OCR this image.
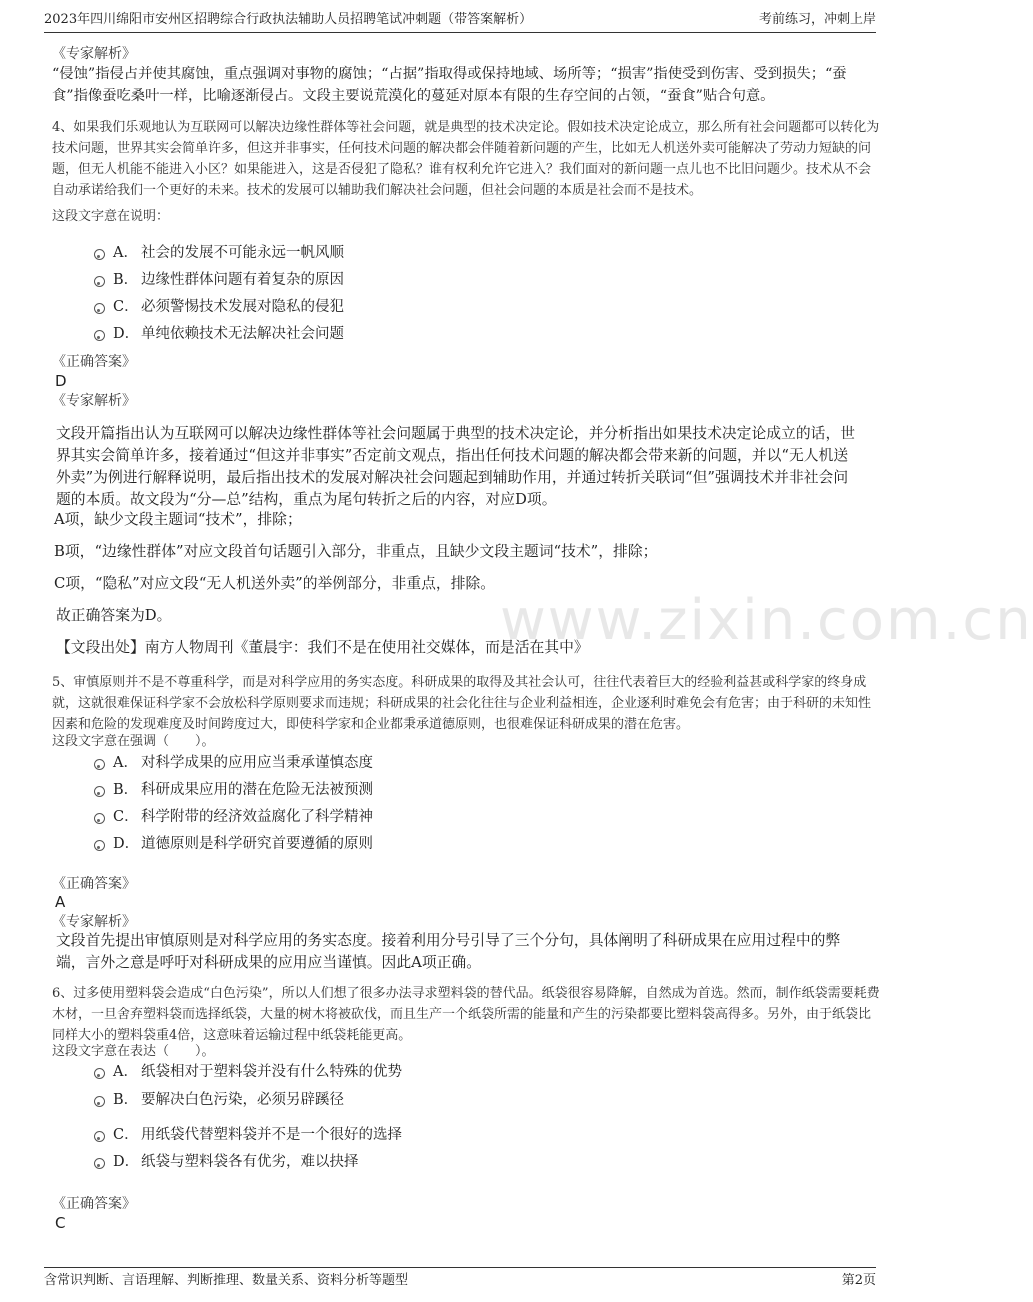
2023年四川绵阳市安州区招聘综合行政执法辅助人员招聘笔试冲刺题（带答案解析）	考前练习，冲刺上岸
www.zixin.com.cn
《专家解析》
“侵蚀”指侵占并使其腐蚀，重点强调对事物的腐蚀；“占据”指取得或保持地域、场所等；“损害”指使受到伤害、受到损失；“蚕食”指像蚕吃桑叶一样，比喻逐渐侵占。文段主要说荒漠化的蔓延对原本有限的生存空间的占领，“蚕食”贴合句意。
4、如果我们乐观地认为互联网可以解决边缘性群体等社会问题，就是典型的技术决定论。假如技术决定论成立，那么所有社会问题都可以转化为技术问题，世界其实会简单许多，但这并非事实，任何技术问题的解决都会伴随着新问题的产生，比如无人机送外卖可能解决了劳动力短缺的问题，但无人机能不能进入小区？如果能进入，这是否侵犯了隐私？谁有权利允许它进入？我们面对的新问题一点儿也不比旧问题少。技术从不会自动承诺给我们一个更好的未来。技术的发展可以辅助我们解决社会问题，但社会问题的本质是社会而不是技术。
这段文字意在说明：
A． 社会的发展不可能永远一帆风顺
B． 边缘性群体问题有着复杂的原因
C． 必须警惕技术发展对隐私的侵犯
D． 单纯依赖技术无法解决社会问题
《正确答案》
D
《专家解析》
文段开篇指出认为互联网可以解决边缘性群体等社会问题属于典型的技术决定论，并分析指出如果技术决定论成立的话，世界其实会简单许多，接着通过“但这并非事实”否定前文观点，指出任何技术问题的解决都会带来新的问题，并以“无人机送外卖”为例进行解释说明，最后指出技术的发展对解决社会问题起到辅助作用，并通过转折关联词“但”强调技术并非社会问题的本质。故文段为“分—总”结构，重点为尾句转折之后的内容，对应D项。
A项，缺少文段主题词“技术”，排除；
B项，“边缘性群体”对应文段首句话题引入部分，非重点，且缺少文段主题词“技术”，排除；
C项，“隐私”对应文段“无人机送外卖”的举例部分，非重点，排除。
故正确答案为D。
【文段出处】南方人物周刊《董晨宇：我们不是在使用社交媒体，而是活在其中》
5、审慎原则并不是不尊重科学，而是对科学应用的务实态度。科研成果的取得及其社会认可，往往代表着巨大的经验利益甚或科学家的终身成就，这就很难保证科学家不会放松科学原则要求而违规；科研成果的社会化往往与企业利益相连，企业逐利时难免会有危害；由于科研的未知性因素和危险的发现难度及时间跨度过大，即使科学家和企业都秉承道德原则，也很难保证科研成果的潜在危害。
这段文字意在强调（　　）。
A． 对科学成果的应用应当秉承谨慎态度
B． 科研成果应用的潜在危险无法被预测
C． 科学附带的经济效益腐化了科学精神
D． 道德原则是科学研究首要遵循的原则
《正确答案》
A
《专家解析》
文段首先提出审慎原则是对科学应用的务实态度。接着利用分号引导了三个分句，具体阐明了科研成果在应用过程中的弊端，言外之意是呼吁对科研成果的应用应当谨慎。因此A项正确。
6、过多使用塑料袋会造成“白色污染”，所以人们想了很多办法寻求塑料袋的替代品。纸袋很容易降解，自然成为首选。然而，制作纸袋需要耗费木材，一旦舍弃塑料袋而选择纸袋，大量的树木将被砍伐，而且生产一个纸袋所需的能量和产生的污染都要比塑料袋高得多。另外，由于纸袋比同样大小的塑料袋重4倍，这意味着运输过程中纸袋耗能更高。
这段文字意在表达（　　）。
A． 纸袋相对于塑料袋并没有什么特殊的优势
B． 要解决白色污染，必须另辟蹊径
C． 用纸袋代替塑料袋并不是一个很好的选择
D． 纸袋与塑料袋各有优劣，难以抉择
《正确答案》
C
含常识判断、言语理解、判断推理、数量关系、资料分析等题型	第2页
